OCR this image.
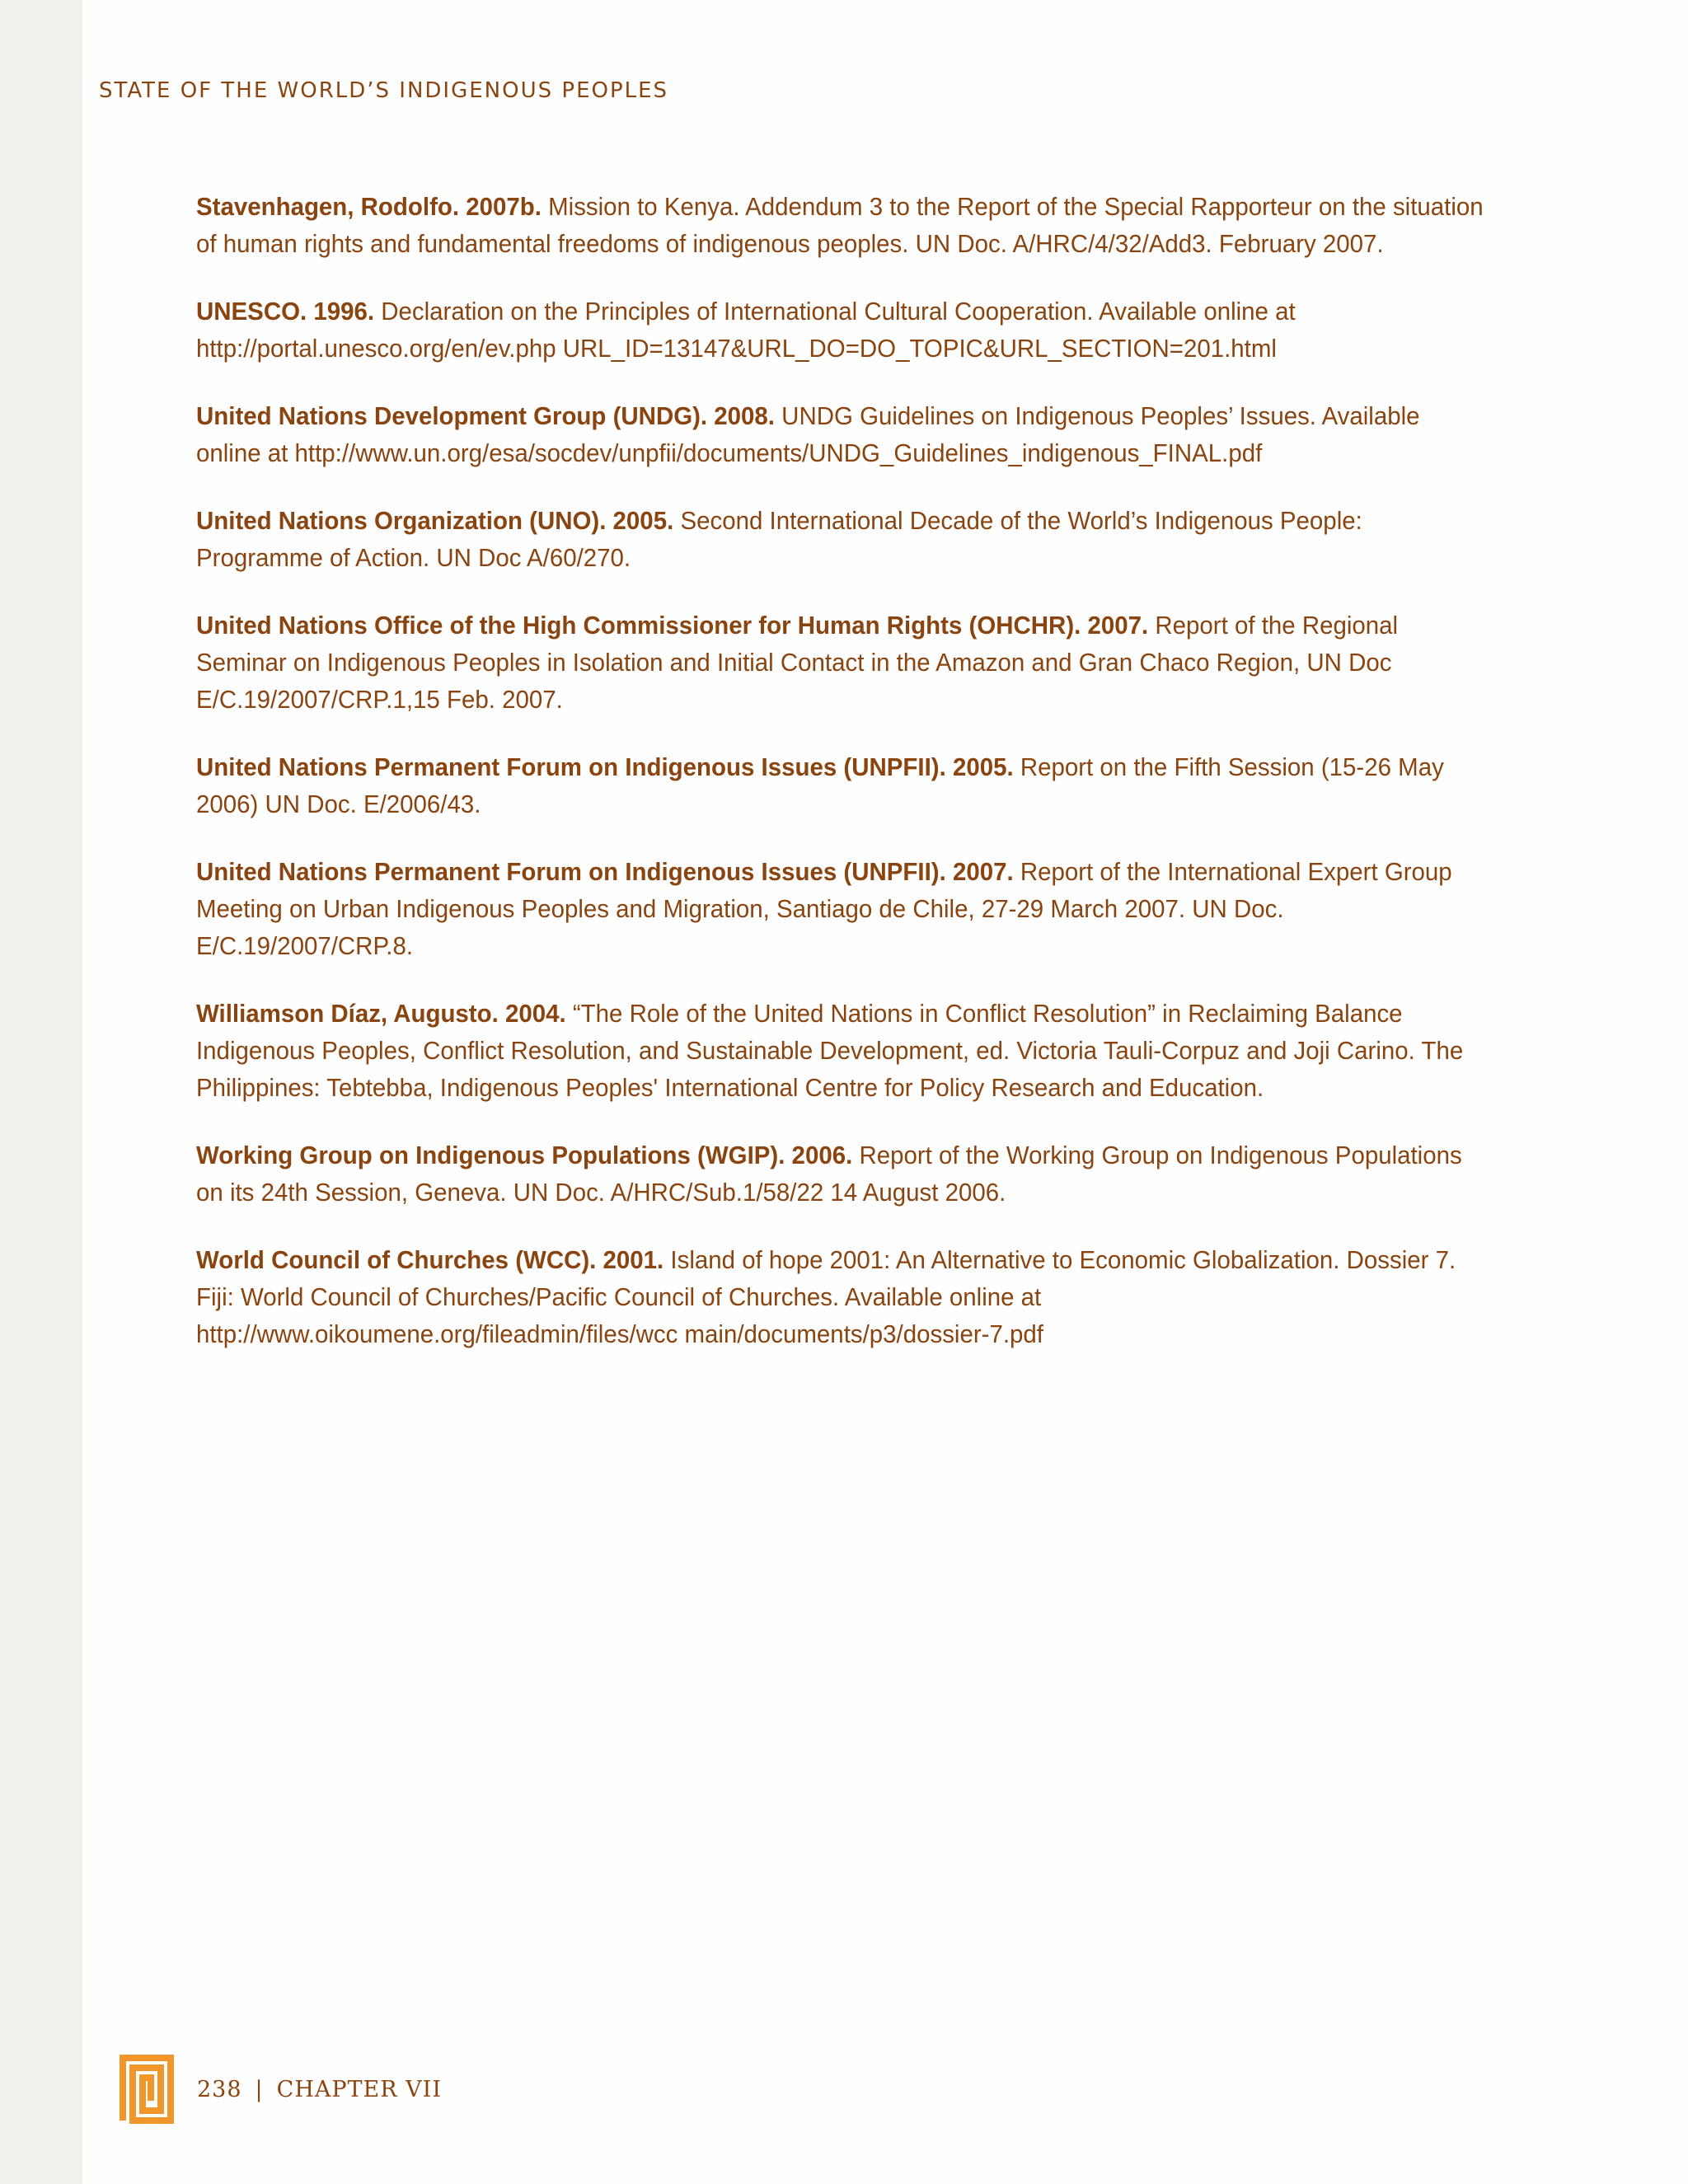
STATE OF THE WORLD’S INDIGENOUS PEOPLES

Stavenhagen, Rodolfo. 2007b. Mission to Kenya. Addendum 3 to the Report of the Special Rapporteur on the situation of human rights and fundamental freedoms of indigenous peoples. UN Doc. A/HRC/4/32/Add3. February 2007.

UNESCO. 1996. Declaration on the Principles of International Cultural Cooperation. Available online at http://portal.unesco.org/en/ev.php URL_ID=13147&URL_DO=DO_TOPIC&URL_SECTION=201.html

United Nations Development Group (UNDG). 2008. UNDG Guidelines on Indigenous Peoples’ Issues. Available online at http://www.un.org/esa/socdev/unpfii/documents/UNDG_Guidelines_indigenous_FINAL.pdf

United Nations Organization (UNO). 2005. Second International Decade of the World’s Indigenous People: Programme of Action. UN Doc A/60/270.

United Nations Office of the High Commissioner for Human Rights (OHCHR). 2007. Report of the Regional Seminar on Indigenous Peoples in Isolation and Initial Contact in the Amazon and Gran Chaco Region, UN Doc E/C.19/2007/CRP.1,15 Feb. 2007.

United Nations Permanent Forum on Indigenous Issues (UNPFII). 2005. Report on the Fifth Session (15-26 May 2006) UN Doc. E/2006/43.

United Nations Permanent Forum on Indigenous Issues (UNPFII). 2007. Report of the International Expert Group Meeting on Urban Indigenous Peoples and Migration, Santiago de Chile, 27-29 March 2007. UN Doc. E/C.19/2007/CRP.8.

Williamson Díaz, Augusto. 2004. “The Role of the United Nations in Conflict Resolution” in Reclaiming Balance Indigenous Peoples, Conflict Resolution, and Sustainable Development, ed. Victoria Tauli-Corpuz and Joji Carino. The Philippines: Tebtebba, Indigenous Peoples' International Centre for Policy Research and Education.

Working Group on Indigenous Populations (WGIP). 2006. Report of the Working Group on Indigenous Populations on its 24th Session, Geneva. UN Doc. A/HRC/Sub.1/58/22 14 August 2006.

World Council of Churches (WCC). 2001. Island of hope 2001: An Alternative to Economic Globalization. Dossier 7. Fiji: World Council of Churches/Pacific Council of Churches. Available online at http://www.oikoumene.org/fileadmin/files/wcc main/documents/p3/dossier-7.pdf

238 | CHAPTER VII
